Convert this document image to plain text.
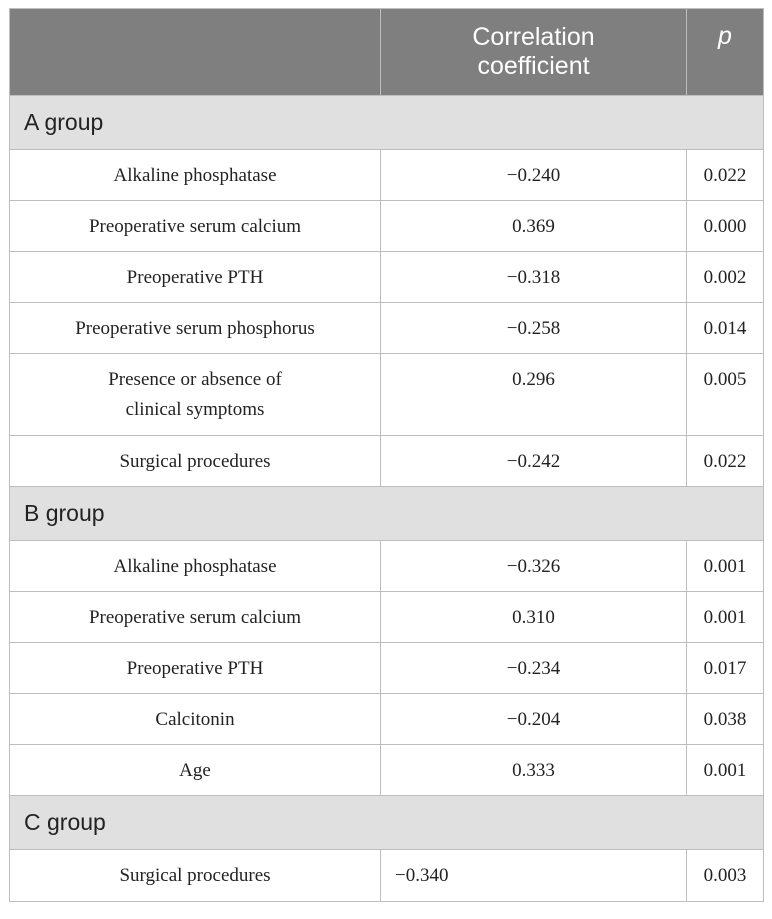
	Correlation coefficient	p
A group		
Alkaline phosphatase	−0.240	0.022
Preoperative serum calcium	0.369	0.000
Preoperative PTH	−0.318	0.002
Preoperative serum phosphorus	−0.258	0.014
Presence or absence of clinical symptoms	0.296	0.005
Surgical procedures	−0.242	0.022
B group		
Alkaline phosphatase	−0.326	0.001
Preoperative serum calcium	0.310	0.001
Preoperative PTH	−0.234	0.017
Calcitonin	−0.204	0.038
Age	0.333	0.001
C group		
Surgical procedures	−0.340	0.003
